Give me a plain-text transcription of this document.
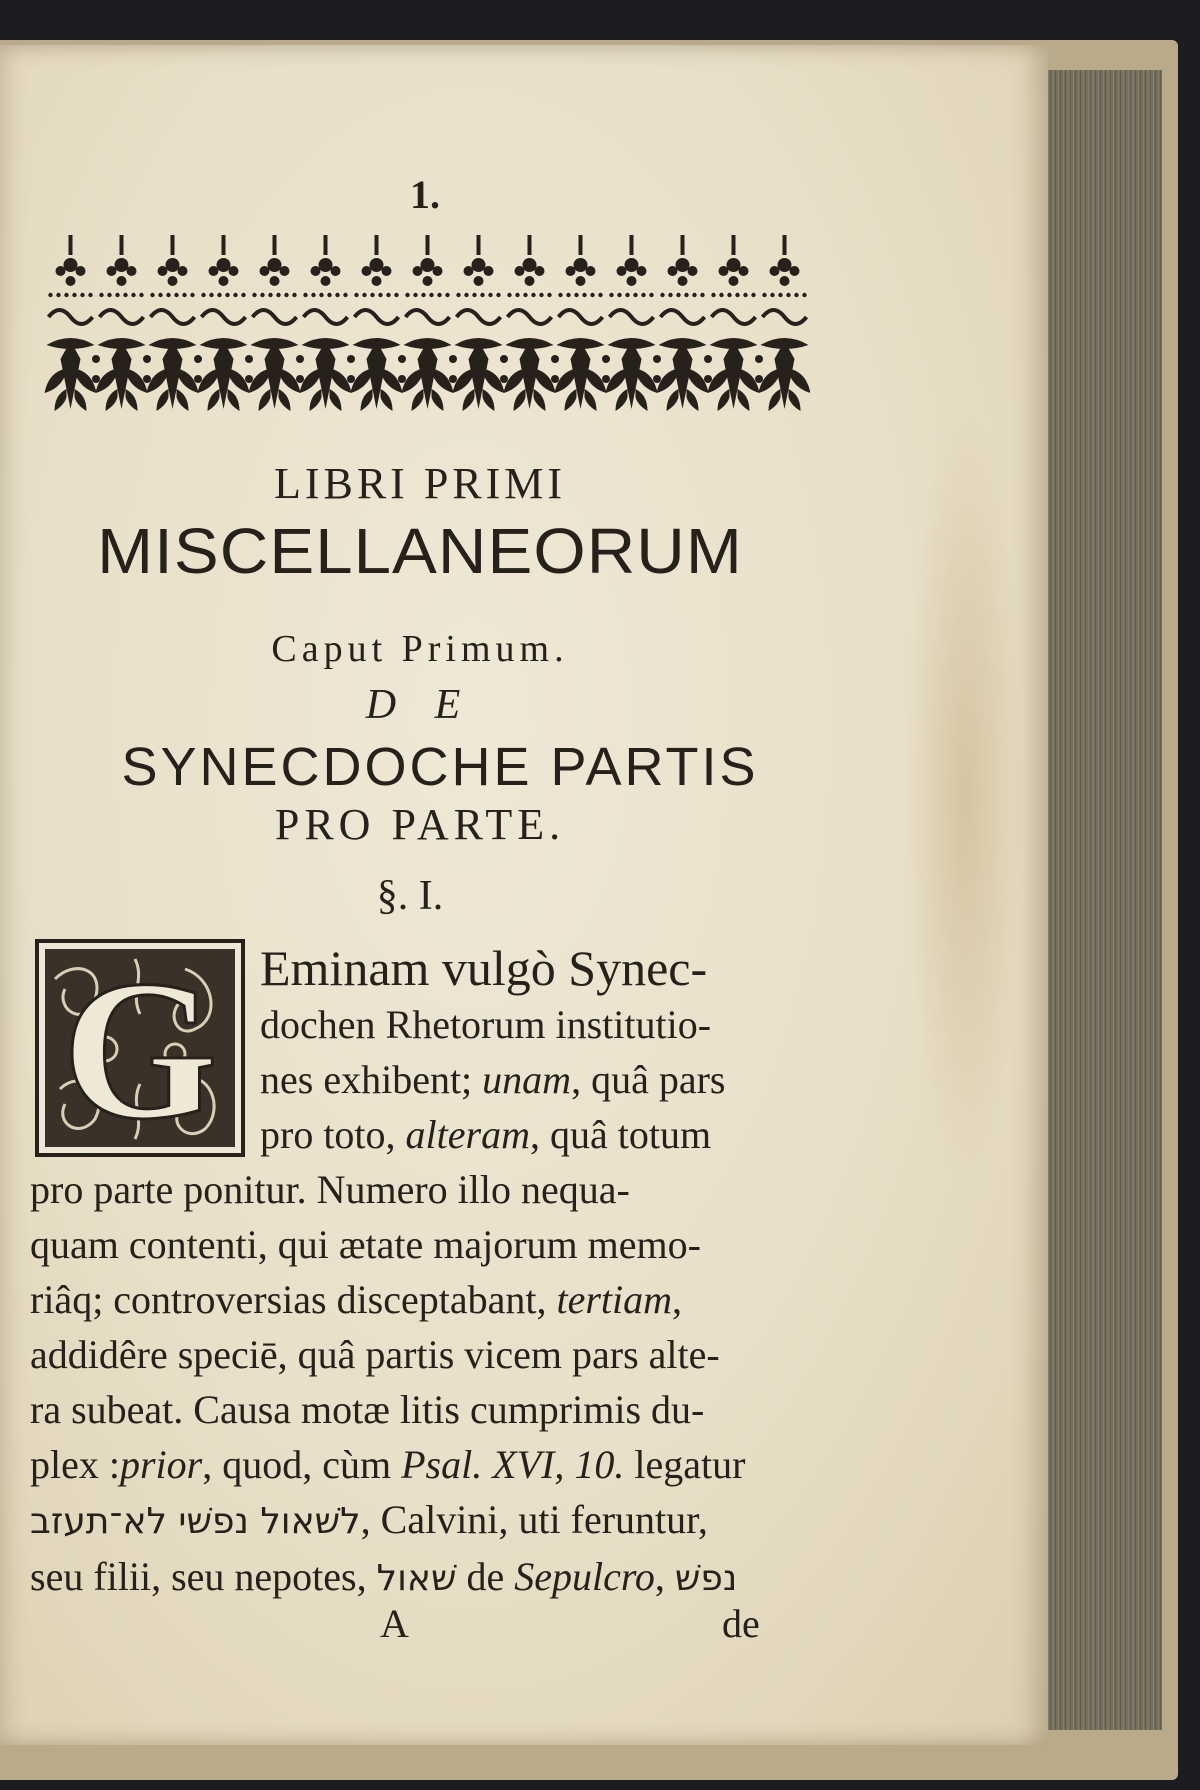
1.
LIBRI PRIMI
MISCELLANEORUM
Caput Primum.
D E
SYNECDOCHE PARTIS
PRO PARTE.
§. I.
G Eminam vulgò Synec-
dochen Rhetorum institutio-
nes exhibent; unam, quâ pars
pro toto, alteram, quâ totum
pro parte ponitur. Numero illo nequa-
quam contenti, qui ætate majorum memo-
riâq; controversias disceptabant, tertiam,
addidêre speciē, quâ partis vicem pars alte-
ra subeat. Causa motæ litis cumprimis du-
plex :prior, quod, cùm Psal. XVI, 10. legatur
לשׁאול נפשׁי לא־תעזב, Calvini, uti feruntur,
seu filii, seu nepotes, שׁאול de Sepulcro, נפשׁ
A	de
